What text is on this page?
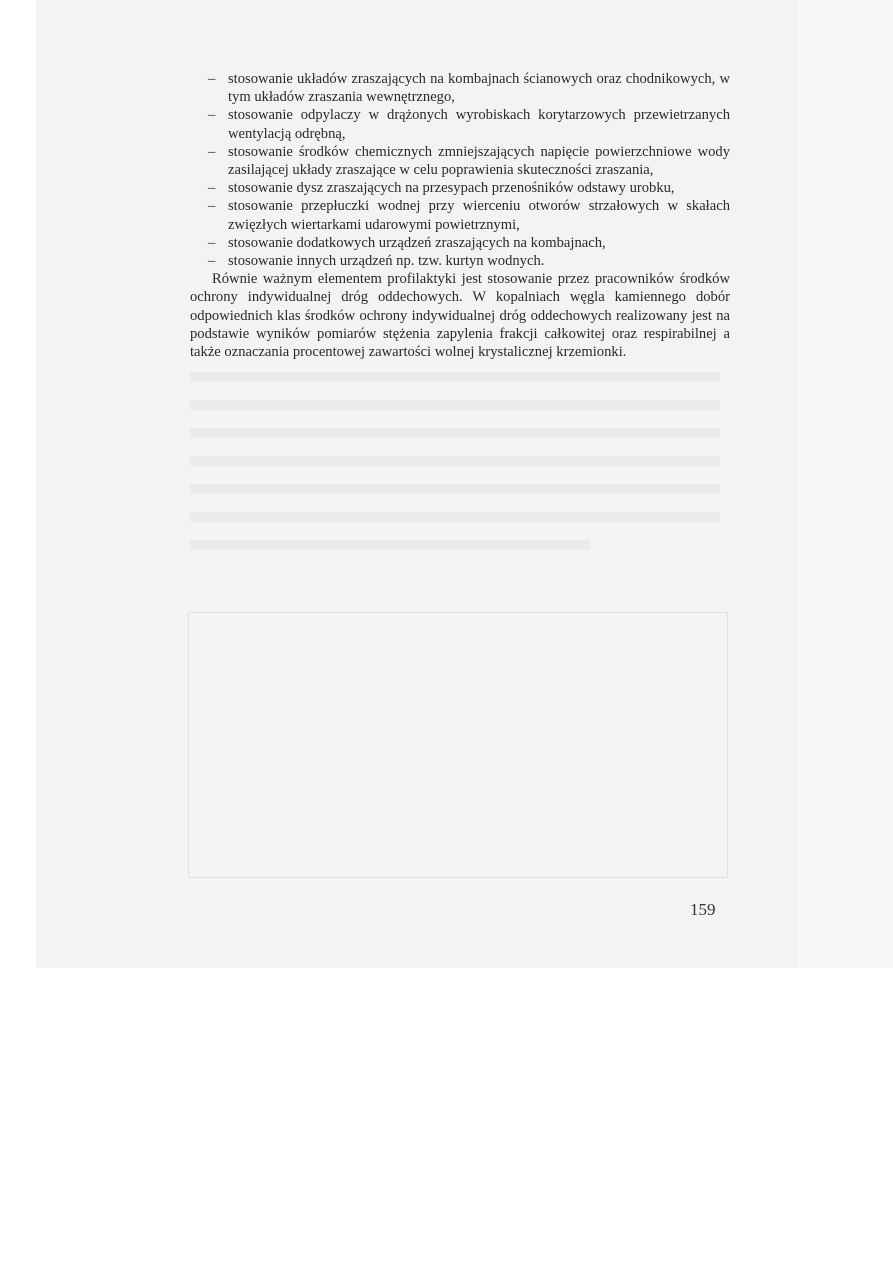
– stosowanie układów zraszających na kombajnach ścianowych oraz chodnikowych, w tym układów zraszania wewnętrznego,
– stosowanie odpylaczy w drążonych wyrobiskach korytarzowych przewietrzanych wentylacją odrębną,
– stosowanie środków chemicznych zmniejszających napięcie powierzchniowe wody zasilającej układy zraszające w celu poprawienia skuteczności zraszania,
– stosowanie dysz zraszających na przesypach przenośników odstawy urobku,
– stosowanie przepłuczki wodnej przy wierceniu otworów strzałowych w skałach zwięzłych wiertarkami udarowymi powietrznymi,
– stosowanie dodatkowych urządzeń zraszających na kombajnach,
– stosowanie innych urządzeń np. tzw. kurtyn wodnych.

Równie ważnym elementem profilaktyki jest stosowanie przez pracowników środków ochrony indywidualnej dróg oddechowych. W kopalniach węgla kamiennego dobór odpowiednich klas środków ochrony indywidualnej dróg oddechowych realizowany jest na podstawie wyników pomiarów stężenia zapylenia frakcji całkowitej oraz respirabilnej a także oznaczania procentowej zawartości wolnej krystalicznej krzemionki.

159
